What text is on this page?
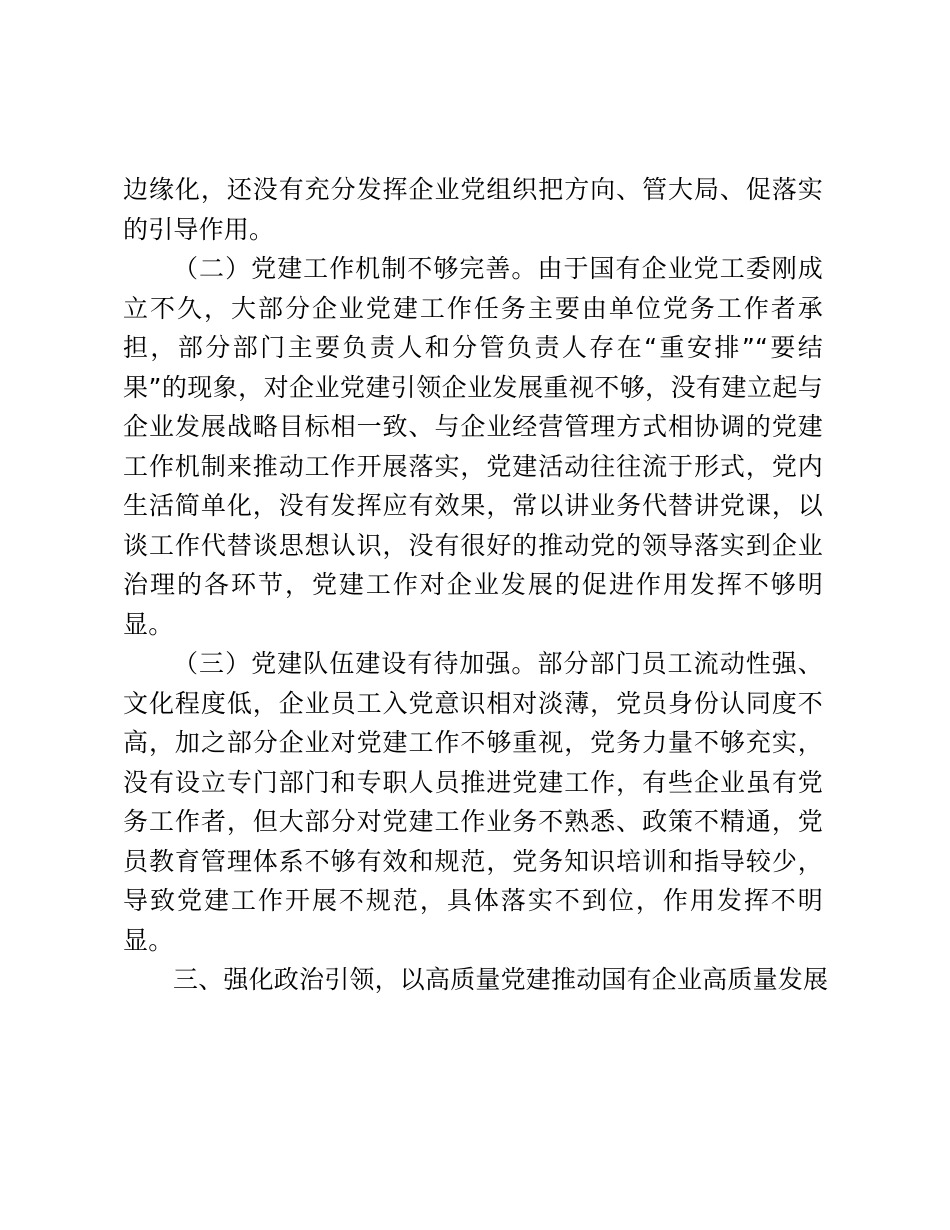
边缘化，还没有充分发挥企业党组织把方向、管大局、促落实的引导作用。

（二）党建工作机制不够完善。由于国有企业党工委刚成立不久，大部分企业党建工作任务主要由单位党务工作者承担，部分部门主要负责人和分管负责人存在“重安排”“要结果”的现象，对企业党建引领企业发展重视不够，没有建立起与企业发展战略目标相一致、与企业经营管理方式相协调的党建工作机制来推动工作开展落实，党建活动往往流于形式，党内生活简单化，没有发挥应有效果，常以讲业务代替讲党课，以谈工作代替谈思想认识，没有很好的推动党的领导落实到企业治理的各环节，党建工作对企业发展的促进作用发挥不够明显。

（三）党建队伍建设有待加强。部分部门员工流动性强、文化程度低，企业员工入党意识相对淡薄，党员身份认同度不高，加之部分企业对党建工作不够重视，党务力量不够充实，没有设立专门部门和专职人员推进党建工作，有些企业虽有党务工作者，但大部分对党建工作业务不熟悉、政策不精通，党员教育管理体系不够有效和规范，党务知识培训和指导较少，导致党建工作开展不规范，具体落实不到位，作用发挥不明显。

三、强化政治引领，以高质量党建推动国有企业高质量发展
